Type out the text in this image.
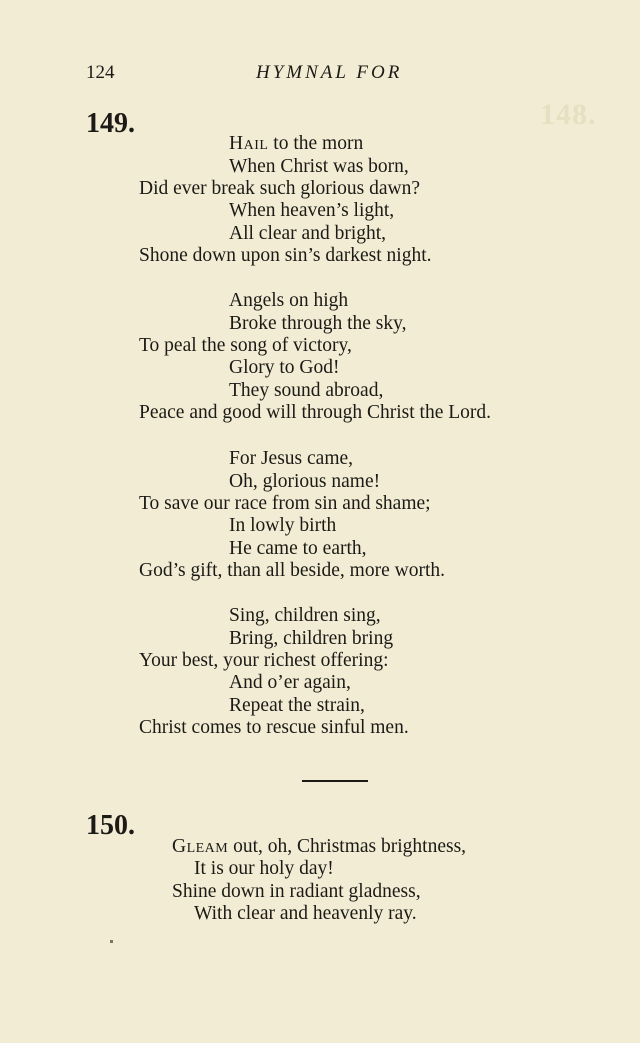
148.
124	HYMNAL FOR
149.
Hail to the morn
When Christ was born,
Did ever break such glorious dawn?
When heaven’s light,
All clear and bright,
Shone down upon sin’s darkest night.
Angels on high
Broke through the sky,
To peal the song of victory,
Glory to God!
They sound abroad,
Peace and good will through Christ the Lord.
For Jesus came,
Oh, glorious name!
To save our race from sin and shame;
In lowly birth
He came to earth,
God’s gift, than all beside, more worth.
Sing, children sing,
Bring, children bring
Your best, your richest offering:
And o’er again,
Repeat the strain,
Christ comes to rescue sinful men.
150.
Gleam out, oh, Christmas brightness,
It is our holy day!
Shine down in radiant gladness,
With clear and heavenly ray.
